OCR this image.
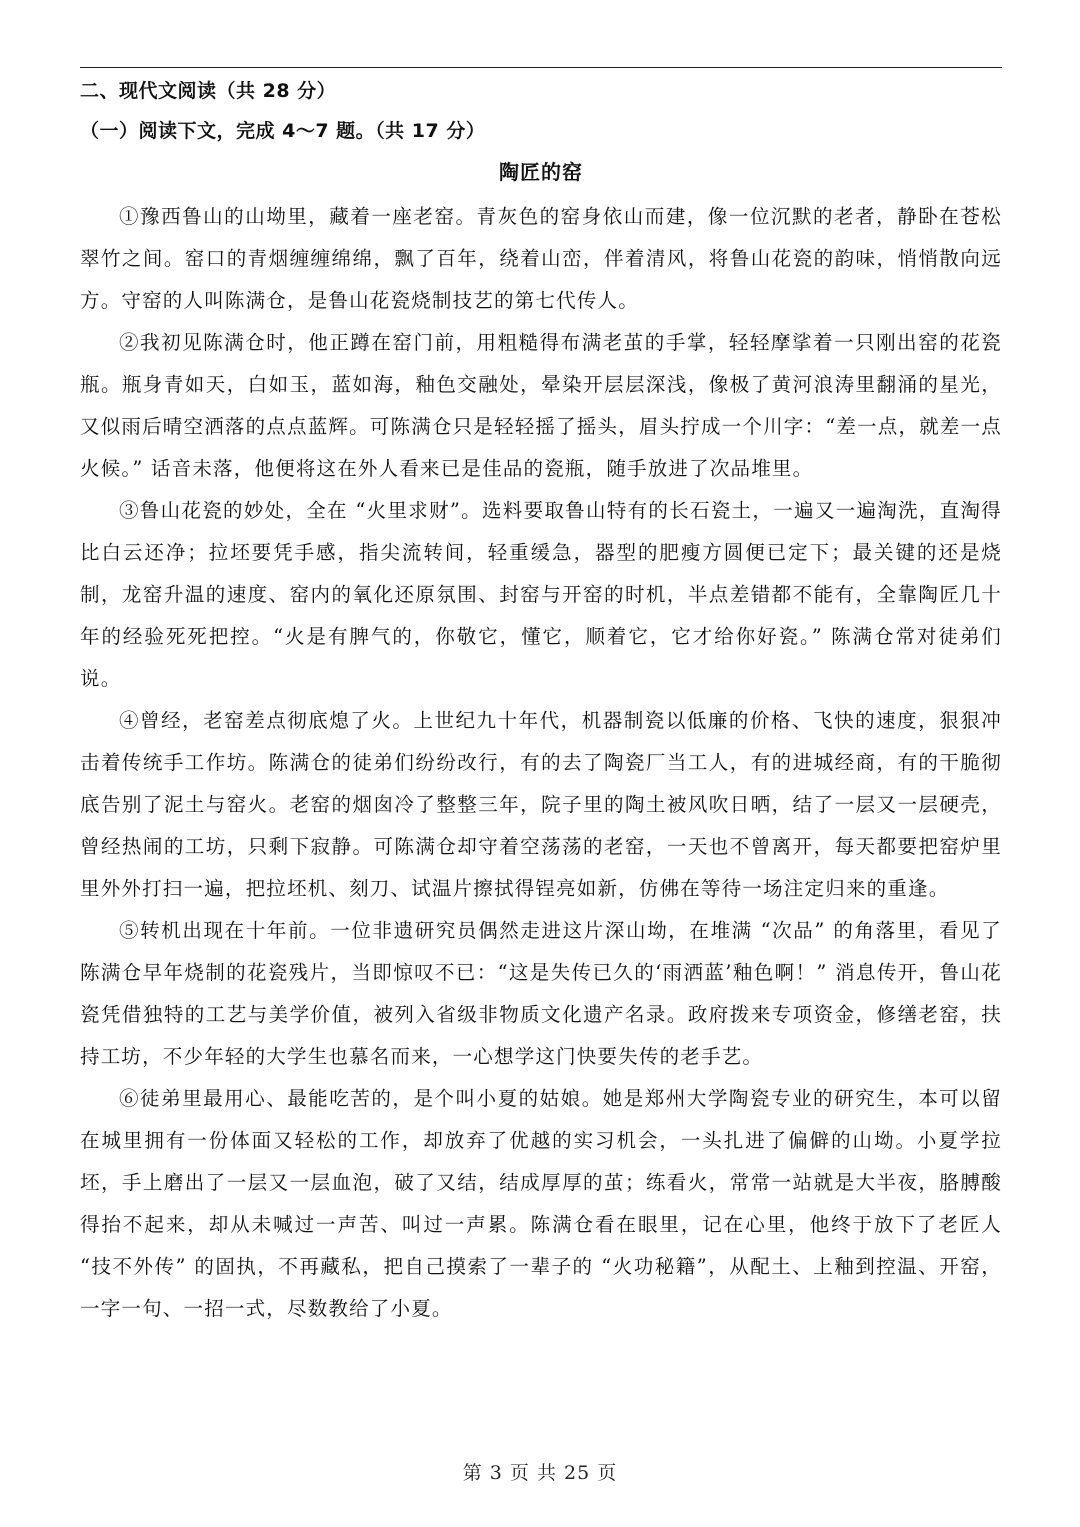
二、现代文阅读（共 28 分）
（一）阅读下文，完成 4～7 题。（共 17 分）
陶匠的窑

①豫西鲁山的山坳里，藏着一座老窑。青灰色的窑身依山而建，像一位沉默的老者，静卧在苍松翠竹之间。窑口的青烟缠缠绵绵，飘了百年，绕着山峦，伴着清风，将鲁山花瓷的韵味，悄悄散向远方。守窑的人叫陈满仓，是鲁山花瓷烧制技艺的第七代传人。

②我初见陈满仓时，他正蹲在窑门前，用粗糙得布满老茧的手掌，轻轻摩挲着一只刚出窑的花瓷瓶。瓶身青如天，白如玉，蓝如海，釉色交融处，晕染开层层深浅，像极了黄河浪涛里翻涌的星光，又似雨后晴空洒落的点点蓝辉。可陈满仓只是轻轻摇了摇头，眉头拧成一个川字：“差一点，就差一点火候。” 话音未落，他便将这在外人看来已是佳品的瓷瓶，随手放进了次品堆里。

③鲁山花瓷的妙处，全在 “火里求财”。选料要取鲁山特有的长石瓷土，一遍又一遍淘洗，直淘得比白云还净；拉坯要凭手感，指尖流转间，轻重缓急，器型的肥瘦方圆便已定下；最关键的还是烧制，龙窑升温的速度、窑内的氧化还原氛围、封窑与开窑的时机，半点差错都不能有，全靠陶匠几十年的经验死死把控。“火是有脾气的，你敬它，懂它，顺着它，它才给你好瓷。” 陈满仓常对徒弟们说。

④曾经，老窑差点彻底熄了火。上世纪九十年代，机器制瓷以低廉的价格、飞快的速度，狠狠冲击着传统手工作坊。陈满仓的徒弟们纷纷改行，有的去了陶瓷厂当工人，有的进城经商，有的干脆彻底告别了泥土与窑火。老窑的烟囱冷了整整三年，院子里的陶土被风吹日晒，结了一层又一层硬壳，曾经热闹的工坊，只剩下寂静。可陈满仓却守着空荡荡的老窑，一天也不曾离开，每天都要把窑炉里里外外打扫一遍，把拉坯机、刻刀、试温片擦拭得锃亮如新，仿佛在等待一场注定归来的重逢。

⑤转机出现在十年前。一位非遗研究员偶然走进这片深山坳，在堆满 “次品” 的角落里，看见了陈满仓早年烧制的花瓷残片，当即惊叹不已：“这是失传已久的‘雨洒蓝’釉色啊！” 消息传开，鲁山花瓷凭借独特的工艺与美学价值，被列入省级非物质文化遗产名录。政府拨来专项资金，修缮老窑，扶持工坊，不少年轻的大学生也慕名而来，一心想学这门快要失传的老手艺。

⑥徒弟里最用心、最能吃苦的，是个叫小夏的姑娘。她是郑州大学陶瓷专业的研究生，本可以留在城里拥有一份体面又轻松的工作，却放弃了优越的实习机会，一头扎进了偏僻的山坳。小夏学拉坯，手上磨出了一层又一层血泡，破了又结，结成厚厚的茧；练看火，常常一站就是大半夜，胳膊酸得抬不起来，却从未喊过一声苦、叫过一声累。陈满仓看在眼里，记在心里，他终于放下了老匠人 “技不外传” 的固执，不再藏私，把自己摸索了一辈子的 “火功秘籍”，从配土、上釉到控温、开窑，一字一句、一招一式，尽数教给了小夏。

第 3 页 共 25 页
